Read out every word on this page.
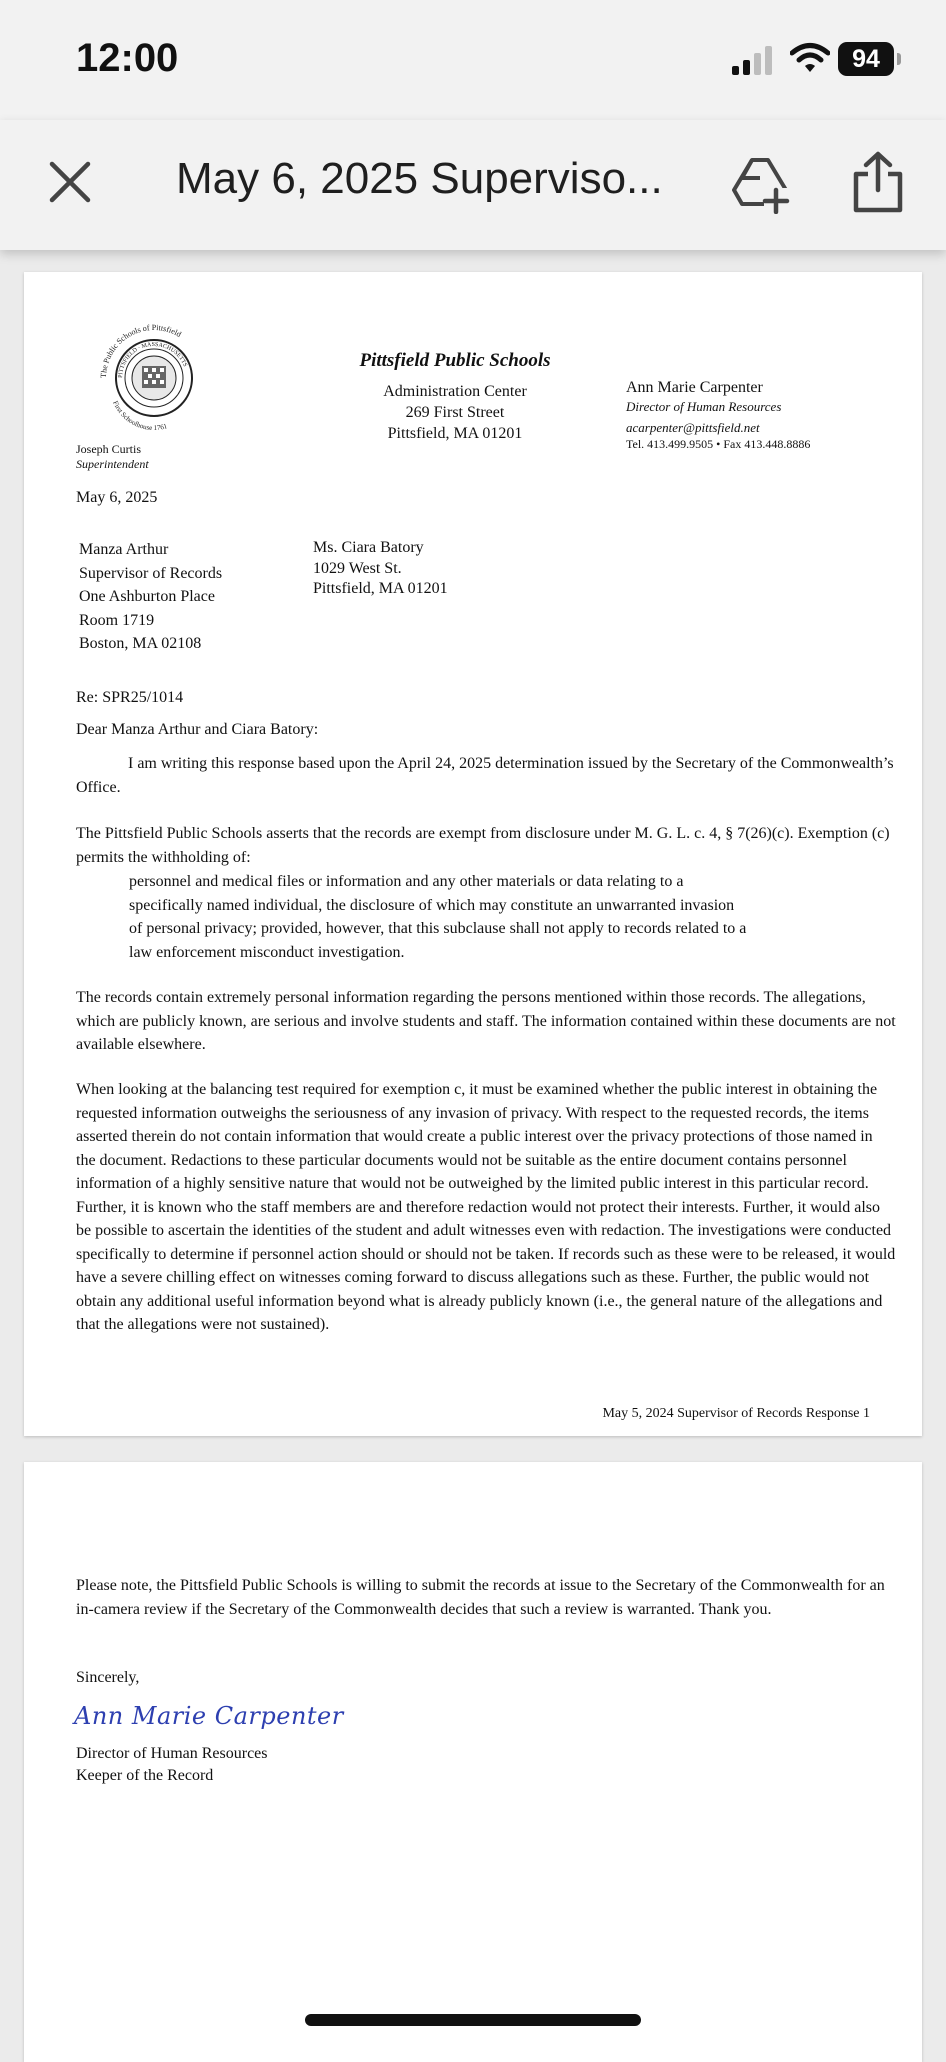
12:00	94
May 6, 2025 Superviso...
The Public Schools of Pittsfield
PITTSFIELD · MASSACHUSETTS
First Schoolhouse 1761
Joseph Curtis
Superintendent
Pittsfield Public Schools
Administration Center
269 First Street
Pittsfield, MA 01201
Ann Marie Carpenter
Director of Human Resources
acarpenter@pittsfield.net
Tel. 413.499.9505 • Fax 413.448.8886
May 6, 2025
Manza Arthur
Supervisor of Records
One Ashburton Place
Room 1719
Boston, MA 02108
Ms. Ciara Batory
1029 West St.
Pittsfield, MA 01201
Re: SPR25/1014
Dear Manza Arthur and Ciara Batory:
I am writing this response based upon the April 24, 2025 determination issued by the Secretary of the Commonwealth’s Office.
The Pittsfield Public Schools asserts that the records are exempt from disclosure under M. G. L. c. 4, § 7(26)(c). Exemption (c) permits the withholding of:
personnel and medical files or information and any other materials or data relating to a specifically named individual, the disclosure of which may constitute an unwarranted invasion of personal privacy; provided, however, that this subclause shall not apply to records related to a law enforcement misconduct investigation.
The records contain extremely personal information regarding the persons mentioned within those records. The allegations, which are publicly known, are serious and involve students and staff. The information contained within these documents are not available elsewhere.
When looking at the balancing test required for exemption c, it must be examined whether the public interest in obtaining the requested information outweighs the seriousness of any invasion of privacy. With respect to the requested records, the items asserted therein do not contain information that would create a public interest over the privacy protections of those named in the document. Redactions to these particular documents would not be suitable as the entire document contains personnel information of a highly sensitive nature that would not be outweighed by the limited public interest in this particular record. Further, it is known who the staff members are and therefore redaction would not protect their interests. Further, it would also be possible to ascertain the identities of the student and adult witnesses even with redaction. The investigations were conducted specifically to determine if personnel action should or should not be taken. If records such as these were to be released, it would have a severe chilling effect on witnesses coming forward to discuss allegations such as these. Further, the public would not obtain any additional useful information beyond what is already publicly known (i.e., the general nature of the allegations and that the allegations were not sustained).
May 5, 2024 Supervisor of Records Response 1
Please note, the Pittsfield Public Schools is willing to submit the records at issue to the Secretary of the Commonwealth for an in-camera review if the Secretary of the Commonwealth decides that such a review is warranted. Thank you.
Sincerely,
Ann Marie Carpenter
Director of Human Resources
Keeper of the Record
